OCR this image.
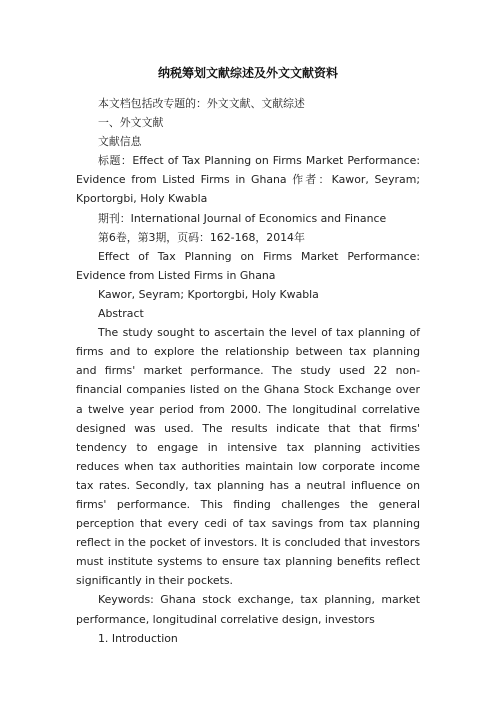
纳税筹划文献综述及外文文献资料

本文档包括改专题的：外文文献、文献综述

一、外文文献

文献信息

标题：Effect of Tax Planning on Firms Market Performance: Evidence from Listed Firms in Ghana 作者：Kawor, Seyram; Kportorgbi, Holy Kwabla

期刊：International Journal of Economics and Finance

第6卷，第3期，页码：162-168，2014年

Effect of Tax Planning on Firms Market Performance: Evidence from Listed Firms in Ghana

Kawor, Seyram; Kportorgbi, Holy Kwabla

Abstract

The study sought to ascertain the level of tax planning of firms and to explore the relationship between tax planning and firms' market performance. The study used 22 non-financial companies listed on the Ghana Stock Exchange over a twelve year period from 2000. The longitudinal correlative designed was used. The results indicate that that firms' tendency to engage in intensive tax planning activities reduces when tax authorities maintain low corporate income tax rates. Secondly, tax planning has a neutral influence on firms' performance. This finding challenges the general perception that every cedi of tax savings from tax planning reflect in the pocket of investors. It is concluded that investors must institute systems to ensure tax planning benefits reflect significantly in their pockets.

Keywords: Ghana stock exchange, tax planning, market performance, longitudinal correlative design, investors

1. Introduction
